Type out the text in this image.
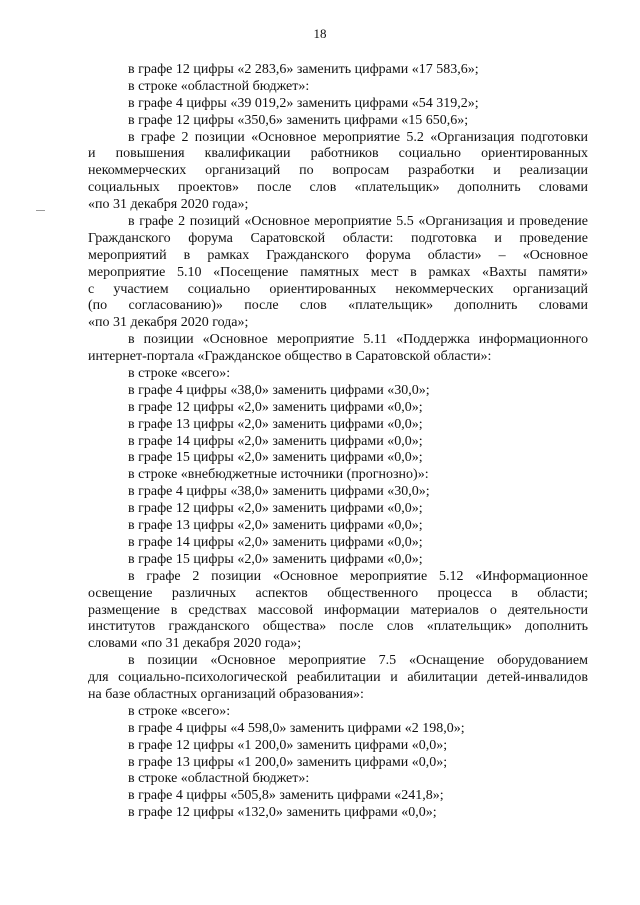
18
в графе 12 цифры «2 283,6» заменить цифрами «17 583,6»;
в строке «областной бюджет»:
в графе 4 цифры «39 019,2» заменить цифрами «54 319,2»;
в графе 12 цифры «350,6» заменить цифрами «15 650,6»;
в графе 2 позиции «Основное мероприятие 5.2 «Организация подготовки
и повышения квалификации работников социально ориентированных
некоммерческих организаций по вопросам разработки и реализации
социальных проектов» после слов «плательщик» дополнить словами
«по 31 декабря 2020 года»;
в графе 2 позиций «Основное мероприятие 5.5 «Организация и проведение
Гражданского форума Саратовской области: подготовка и проведение
мероприятий в рамках Гражданского форума области» – «Основное
мероприятие 5.10 «Посещение памятных мест в рамках «Вахты памяти»
с участием социально ориентированных некоммерческих организаций
(по согласованию)» после слов «плательщик» дополнить словами
«по 31 декабря 2020 года»;
в позиции «Основное мероприятие 5.11 «Поддержка информационного
интернет-портала «Гражданское общество в Саратовской области»:
в строке «всего»:
в графе 4 цифры «38,0» заменить цифрами «30,0»;
в графе 12 цифры «2,0» заменить цифрами «0,0»;
в графе 13 цифры «2,0» заменить цифрами «0,0»;
в графе 14 цифры «2,0» заменить цифрами «0,0»;
в графе 15 цифры «2,0» заменить цифрами «0,0»;
в строке «внебюджетные источники (прогнозно)»:
в графе 4 цифры «38,0» заменить цифрами «30,0»;
в графе 12 цифры «2,0» заменить цифрами «0,0»;
в графе 13 цифры «2,0» заменить цифрами «0,0»;
в графе 14 цифры «2,0» заменить цифрами «0,0»;
в графе 15 цифры «2,0» заменить цифрами «0,0»;
в графе 2 позиции «Основное мероприятие 5.12 «Информационное
освещение различных аспектов общественного процесса в области;
размещение в средствах массовой информации материалов о деятельности
институтов гражданского общества» после слов «плательщик» дополнить
словами «по 31 декабря 2020 года»;
в позиции «Основное мероприятие 7.5 «Оснащение оборудованием
для социально-психологической реабилитации и абилитации детей-инвалидов
на базе областных организаций образования»:
в строке «всего»:
в графе 4 цифры «4 598,0» заменить цифрами «2 198,0»;
в графе 12 цифры «1 200,0» заменить цифрами «0,0»;
в графе 13 цифры «1 200,0» заменить цифрами «0,0»;
в строке «областной бюджет»:
в графе 4 цифры «505,8» заменить цифрами «241,8»;
в графе 12 цифры «132,0» заменить цифрами «0,0»;
